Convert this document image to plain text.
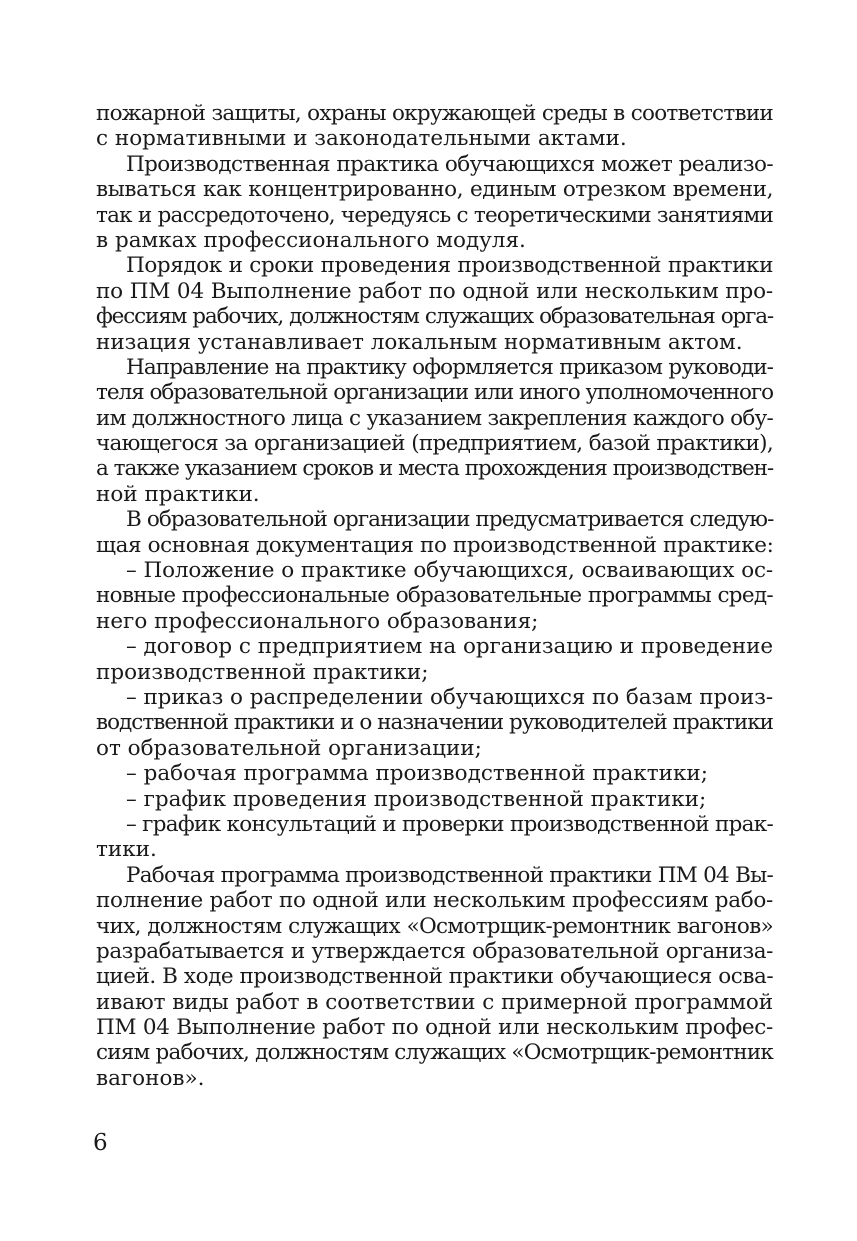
пожарной защиты, охраны окружающей среды в соответствии
с нормативными и законодательными актами.
Производственная практика обучающихся может реализо-
вываться как концентрированно, единым отрезком времени,
так и рассредоточено, чередуясь с теоретическими занятиями
в рамках профессионального модуля.
Порядок и сроки проведения производственной практики
по ПМ 04 Выполнение работ по одной или нескольким про-
фессиям рабочих, должностям служащих образовательная орга-
низация устанавливает локальным нормативным актом.
Направление на практику оформляется приказом руководи-
теля образовательной организации или иного уполномоченного
им должностного лица с указанием закрепления каждого обу-
чающегося за организацией (предприятием, базой практики),
а также указанием сроков и места прохождения производствен-
ной практики.
В образовательной организации предусматривается следую-
щая основная документация по производственной практике:
– Положение о практике обучающихся, осваивающих ос-
новные профессиональные образовательные программы сред-
него профессионального образования;
– договор с предприятием на организацию и проведение
производственной практики;
– приказ о распределении обучающихся по базам произ-
водственной практики и о назначении руководителей практики
от образовательной организации;
– рабочая программа производственной практики;
– график проведения производственной практики;
– график консультаций и проверки производственной прак-
тики.
Рабочая программа производственной практики ПМ 04 Вы-
полнение работ по одной или нескольким профессиям рабо-
чих, должностям служащих «Осмотрщик-ремонтник вагонов»
разрабатывается и утверждается образовательной организа-
цией. В ходе производственной практики обучающиеся осва-
ивают виды работ в соответствии с примерной программой
ПМ 04 Выполнение работ по одной или нескольким профес-
сиям рабочих, должностям служащих «Осмотрщик-ремонтник
вагонов».
6
